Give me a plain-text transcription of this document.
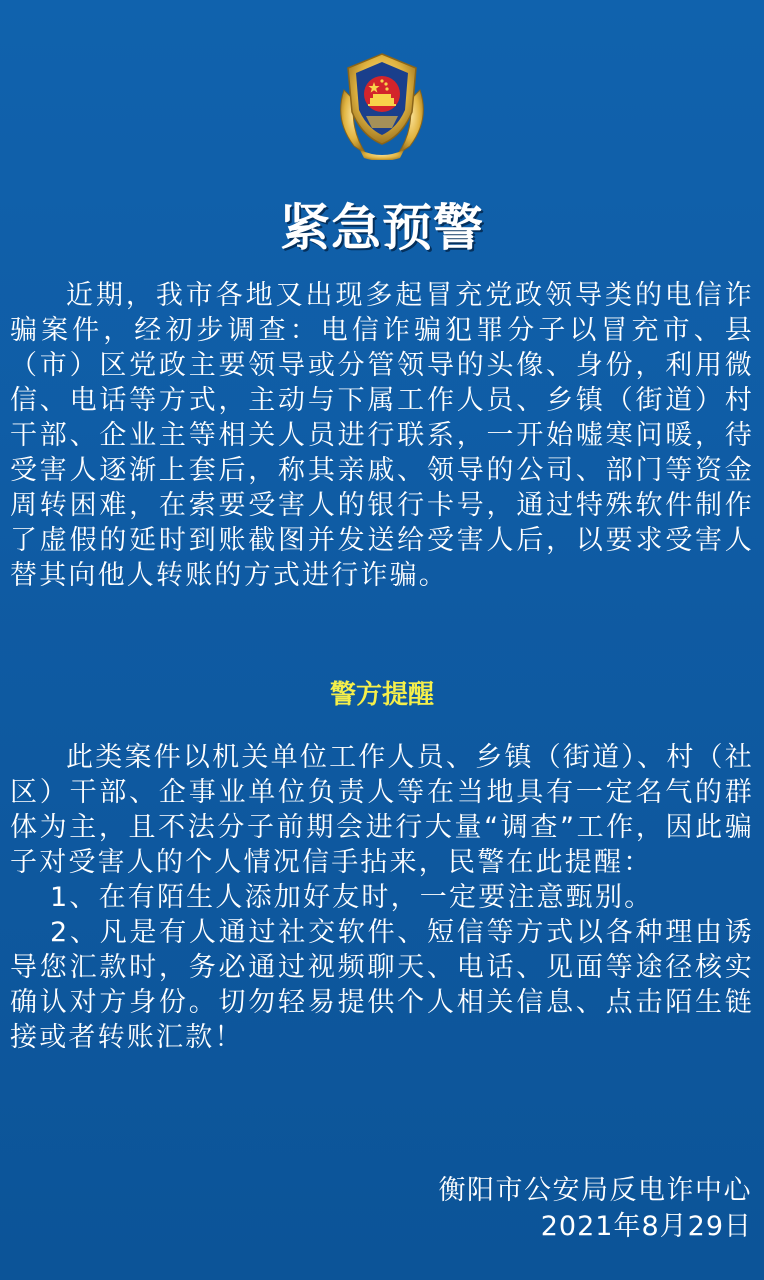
紧急预警
近期，我市各地又出现多起冒充党政领导类的电信诈骗案件，经初步调查：电信诈骗犯罪分子以冒充市、县（市）区党政主要领导或分管领导的头像、身份，利用微信、电话等方式，主动与下属工作人员、乡镇（街道）村干部、企业主等相关人员进行联系，一开始嘘寒问暖，待受害人逐渐上套后，称其亲戚、领导的公司、部门等资金周转困难，在索要受害人的银行卡号，通过特殊软件制作了虚假的延时到账截图并发送给受害人后，以要求受害人替其向他人转账的方式进行诈骗。
警方提醒
此类案件以机关单位工作人员、乡镇（街道）、村（社区）干部、企事业单位负责人等在当地具有一定名气的群体为主，且不法分子前期会进行大量“调查”工作，因此骗子对受害人的个人情况信手拈来，民警在此提醒：
1、在有陌生人添加好友时，一定要注意甄别。
2、凡是有人通过社交软件、短信等方式以各种理由诱导您汇款时，务必通过视频聊天、电话、见面等途径核实确认对方身份。切勿轻易提供个人相关信息、点击陌生链接或者转账汇款！
衡阳市公安局反电诈中心
2021年8月29日
